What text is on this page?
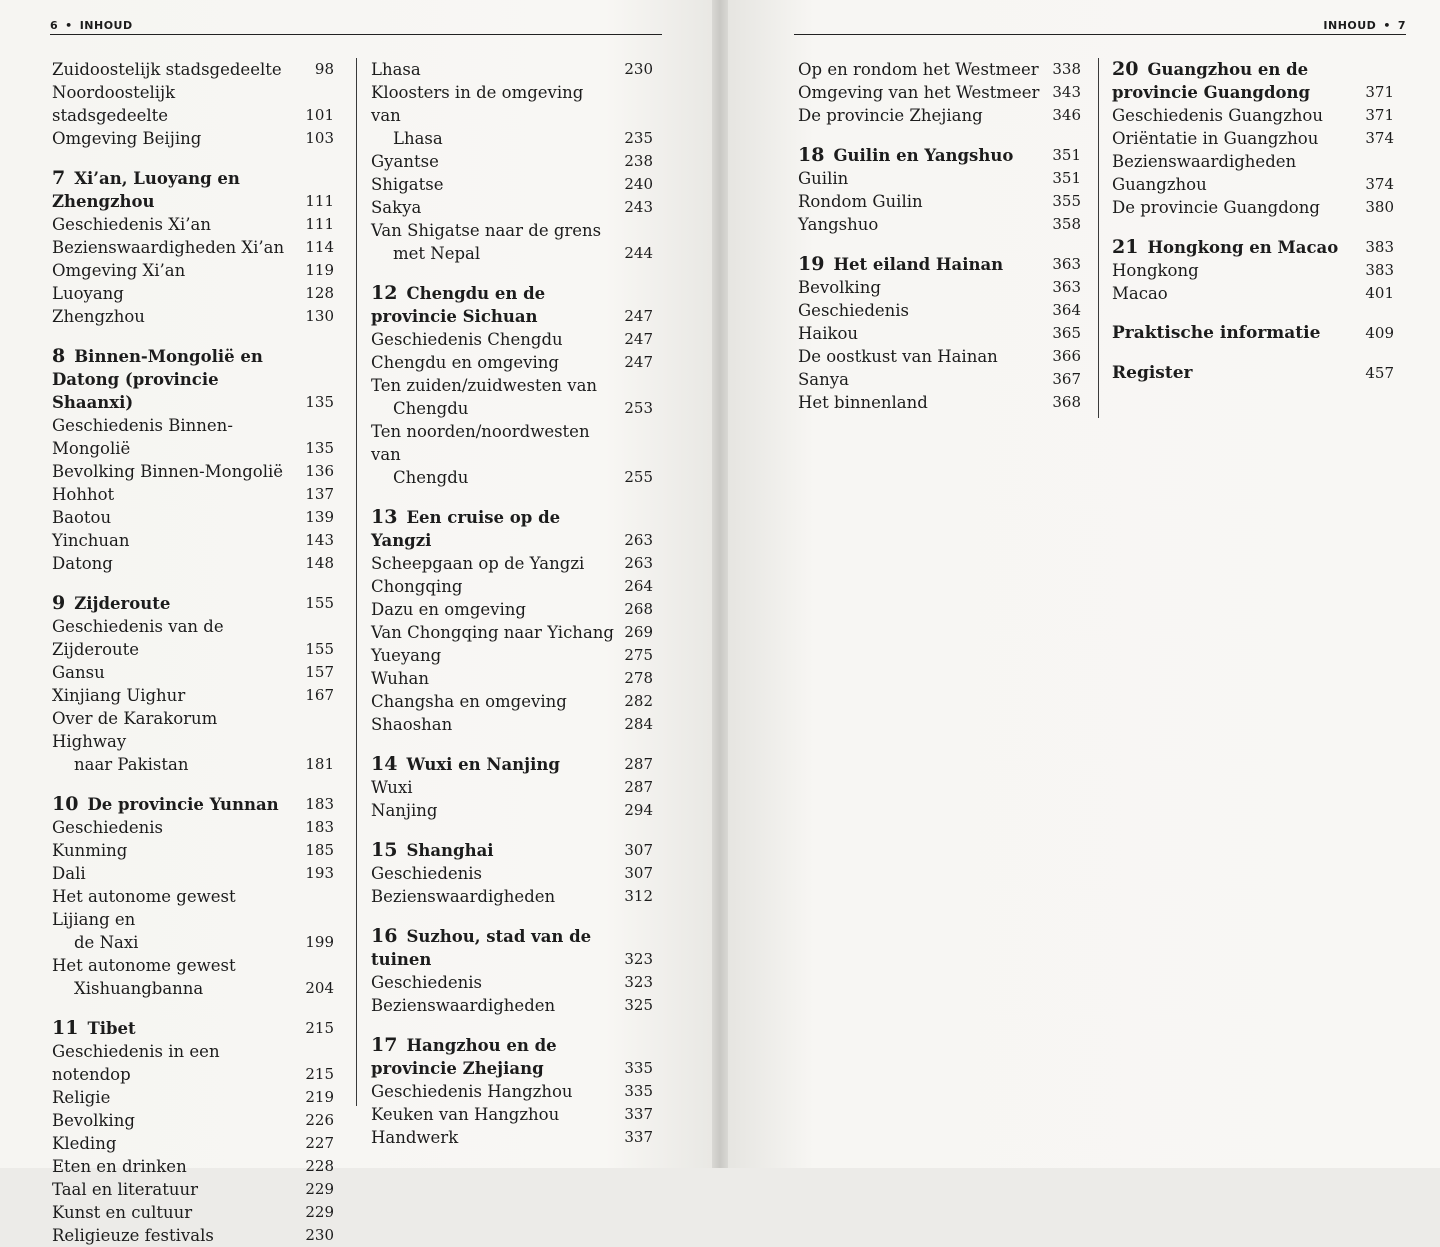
6 • INHOUD
Zuidoostelijk stadsgedeelte	98
Noordoostelijk stadsgedeelte	101
Omgeving Beijing	103
7 Xi’an, Luoyang en Zhengzhou	111
Geschiedenis Xi’an	111
Bezienswaardigheden Xi’an	114
Omgeving Xi’an	119
Luoyang	128
Zhengzhou	130
8 Binnen-Mongolië en Datong (provincie Shaanxi)	135
Geschiedenis Binnen-Mongolië	135
Bevolking Binnen-Mongolië	136
Hohhot	137
Baotou	139
Yinchuan	143
Datong	148
9 Zijderoute	155
Geschiedenis van de Zijderoute	155
Gansu	157
Xinjiang Uighur	167
Over de Karakorum Highway
naar Pakistan	181
10 De provincie Yunnan	183
Geschiedenis	183
Kunming	185
Dali	193
Het autonome gewest Lijiang en
de Naxi	199
Het autonome gewest
Xishuangbanna	204
11 Tibet	215
Geschiedenis in een notendop	215
Religie	219
Bevolking	226
Kleding	227
Eten en drinken	228
Taal en literatuur	229
Kunst en cultuur	229
Religieuze festivals	230
Lhasa	230
Kloosters in de omgeving van
Lhasa	235
Gyantse	238
Shigatse	240
Sakya	243
Van Shigatse naar de grens
met Nepal	244
12 Chengdu en de provincie Sichuan	247
Geschiedenis Chengdu	247
Chengdu en omgeving	247
Ten zuiden/zuidwesten van
Chengdu	253
Ten noorden/noordwesten van
Chengdu	255
13 Een cruise op de Yangzi	263
Scheepgaan op de Yangzi	263
Chongqing	264
Dazu en omgeving	268
Van Chongqing naar Yichang 269
Yueyang	275
Wuhan	278
Changsha en omgeving	282
Shaoshan	284
14 Wuxi en Nanjing	287
Wuxi	287
Nanjing	294
15 Shanghai	307
Geschiedenis	307
Bezienswaardigheden	312
16 Suzhou, stad van de tuinen	323
Geschiedenis	323
Bezienswaardigheden	325
17 Hangzhou en de provincie Zhejiang	335
Geschiedenis Hangzhou	335
Keuken van Hangzhou	337
Handwerk	337
INHOUD • 7
Op en rondom het Westmeer 338
Omgeving van het Westmeer 343
De provincie Zhejiang	346
18 Guilin en Yangshuo	351
Guilin	351
Rondom Guilin	355
Yangshuo	358
19 Het eiland Hainan	363
Bevolking	363
Geschiedenis	364
Haikou	365
De oostkust van Hainan	366
Sanya	367
Het binnenland	368
20 Guangzhou en de provincie Guangdong	371
Geschiedenis Guangzhou	371
Oriëntatie in Guangzhou	374
Bezienswaardigheden Guangzhou	374
De provincie Guangdong	380
21 Hongkong en Macao	383
Hongkong	383
Macao	401
Praktische informatie	409
Register	457
